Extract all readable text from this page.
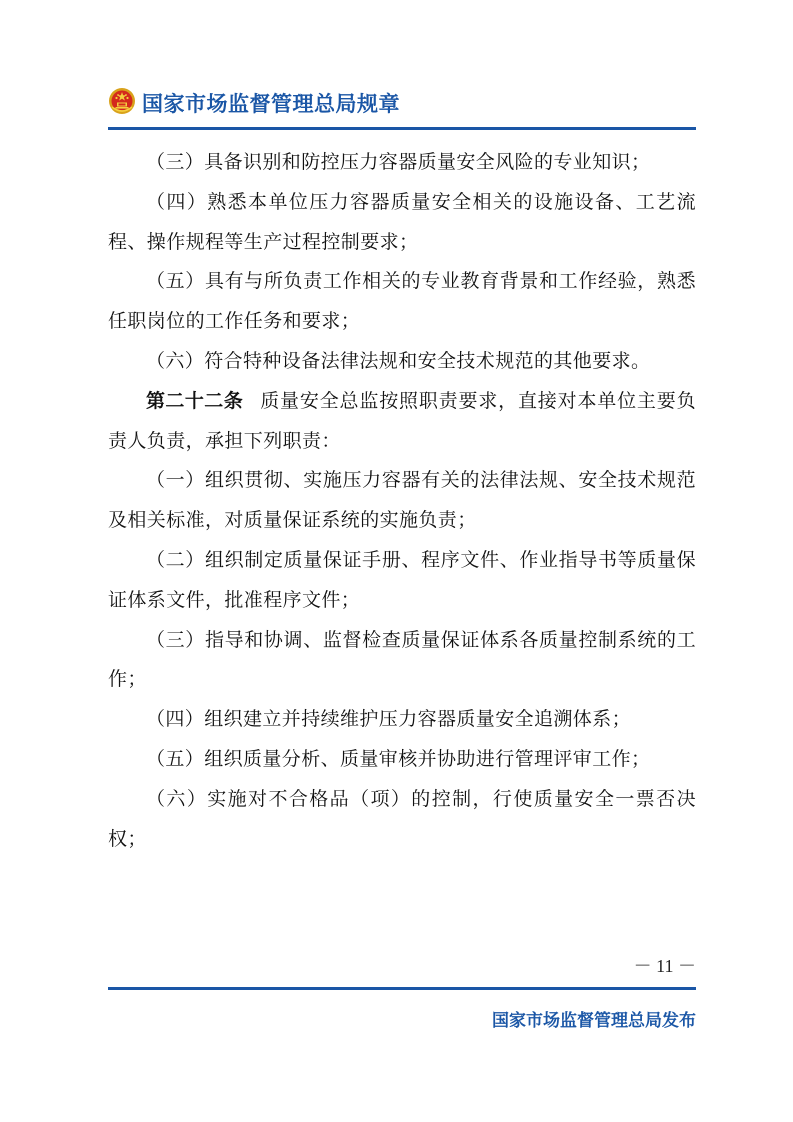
国家市场监督管理总局规章

（三）具备识别和防控压力容器质量安全风险的专业知识；

（四）熟悉本单位压力容器质量安全相关的设施设备、工艺流程、操作规程等生产过程控制要求；

（五）具有与所负责工作相关的专业教育背景和工作经验，熟悉任职岗位的工作任务和要求；

（六）符合特种设备法律法规和安全技术规范的其他要求。

第二十二条 质量安全总监按照职责要求，直接对本单位主要负责人负责，承担下列职责：

（一）组织贯彻、实施压力容器有关的法律法规、安全技术规范及相关标准，对质量保证系统的实施负责；

（二）组织制定质量保证手册、程序文件、作业指导书等质量保证体系文件，批准程序文件；

（三）指导和协调、监督检查质量保证体系各质量控制系统的工作；

（四）组织建立并持续维护压力容器质量安全追溯体系；

（五）组织质量分析、质量审核并协助进行管理评审工作；

（六）实施对不合格品（项）的控制，行使质量安全一票否决权；

－ 11 －
国家市场监督管理总局发布
